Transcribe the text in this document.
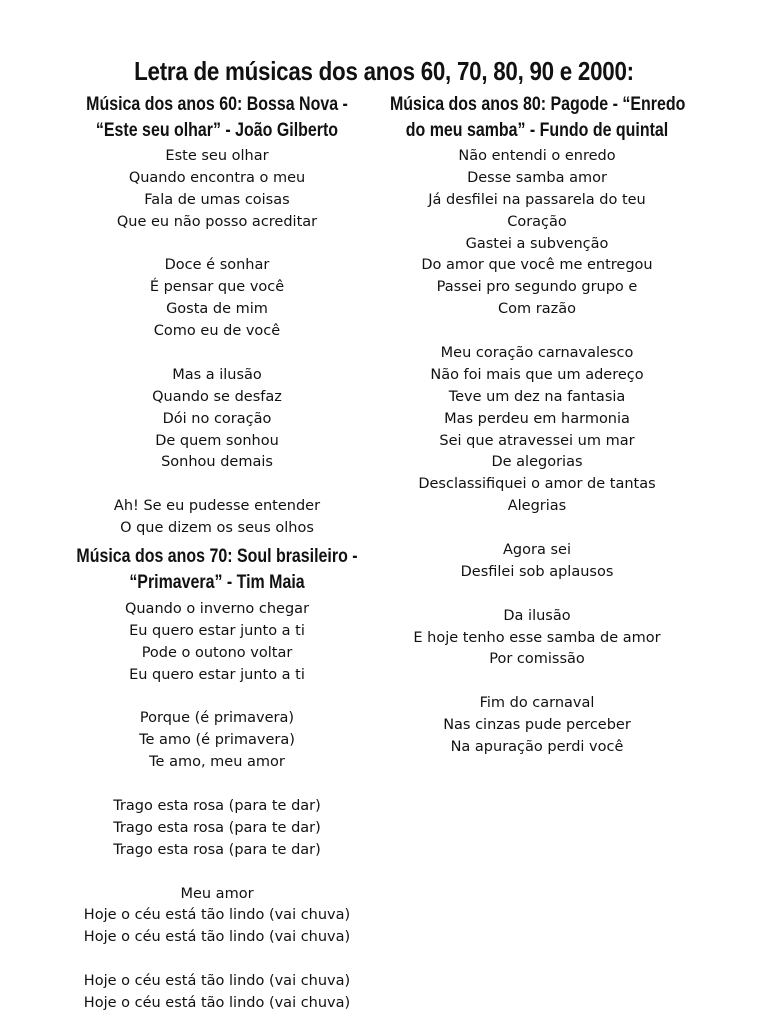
Letra de músicas dos anos 60, 70, 80, 90 e 2000:
Música dos anos 60: Bossa Nova -
“Este seu olhar” - João Gilberto
Este seu olhar
Quando encontra o meu
Fala de umas coisas
Que eu não posso acreditar
Doce é sonhar
É pensar que você
Gosta de mim
Como eu de você
Mas a ilusão
Quando se desfaz
Dói no coração
De quem sonhou
Sonhou demais
Ah! Se eu pudesse entender
O que dizem os seus olhos
Música dos anos 70: Soul brasileiro -
“Primavera” - Tim Maia
Quando o inverno chegar
Eu quero estar junto a ti
Pode o outono voltar
Eu quero estar junto a ti
Porque (é primavera)
Te amo (é primavera)
Te amo, meu amor
Trago esta rosa (para te dar)
Trago esta rosa (para te dar)
Trago esta rosa (para te dar)
Meu amor
Hoje o céu está tão lindo (vai chuva)
Hoje o céu está tão lindo (vai chuva)
Hoje o céu está tão lindo (vai chuva)
Hoje o céu está tão lindo (vai chuva)
Música dos anos 80: Pagode - “Enredo
do meu samba” - Fundo de quintal
Não entendi o enredo
Desse samba amor
Já desfilei na passarela do teu
Coração
Gastei a subvenção
Do amor que você me entregou
Passei pro segundo grupo e
Com razão
Meu coração carnavalesco
Não foi mais que um adereço
Teve um dez na fantasia
Mas perdeu em harmonia
Sei que atravessei um mar
De alegorias
Desclassifiquei o amor de tantas
Alegrias
Agora sei
Desfilei sob aplausos
Da ilusão
E hoje tenho esse samba de amor
Por comissão
Fim do carnaval
Nas cinzas pude perceber
Na apuração perdi você
